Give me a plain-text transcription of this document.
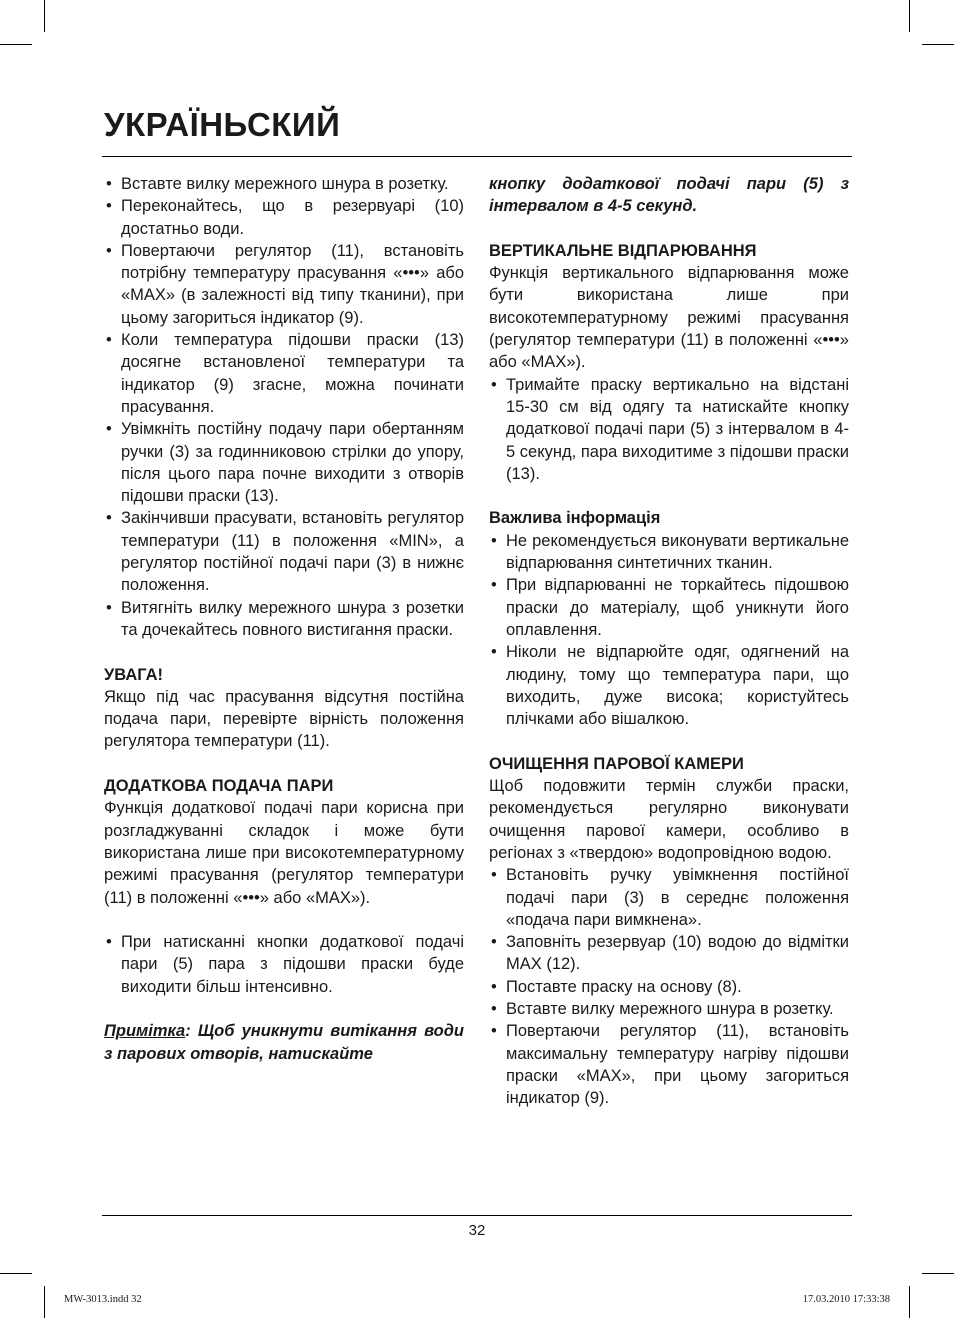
УКРАЇНЬСКИЙ
• Вставте вилку мережного шнура в розетку.
• Переконайтесь, що в резервуарі (10) достатньо води.
• Повертаючи регулятор (11), встановіть потрібну температуру прасування «•••» або «MAX» (в залежності від типу тканини), при цьому загориться індикатор (9).
• Коли температура підошви праски (13) досягне встановленої температури та індикатор (9) згасне, можна починати прасування.
• Увімкніть постійну подачу пари обертанням ручки (3) за годинниковою стрілки до упору, після цього пара почне виходити з отворів підошви праски (13).
• Закінчивши прасувати, встановіть регулятор температури (11) в положення «MIN», а регулятор постійної подачі пари (3) в нижнє положення.
• Витягніть вилку мережного шнура з розетки та дочекайтесь повного вистигання праски.
УВАГА!

Якщо під час прасування відсутня постійна подача пари, перевірте вірність положення регулятора температури (11).

ДОДАТКОВА ПОДАЧА ПАРИ

Функція додаткової подачі пари корисна при розгладжуванні складок і може бути використана лише при високотемпературному режимі прасування (регулятор температури (11) в положенні «•••» або «MAX»).

• При натисканні кнопки додаткової подачі пари (5) пара з підошви праски буде виходити більш інтенсивно.

Примітка: Щоб уникнути витікання води з парових отворів, натискайте

кнопку додаткової подачі пари (5) з інтервалом в 4-5 секунд.

ВЕРТИКАЛЬНЕ ВІДПАРЮВАННЯ

Функція вертикального відпарювання може бути використана лише при високотемпературному режимі прасування (регулятор температури (11) в положенні «•••» або «MAX»).

• Тримайте праску вертикально на відстані 15-30 см від одягу та натискайте кнопку додаткової подачі пари (5) з інтервалом в 4-5 секунд, пара виходитиме з підошви праски (13).
Важлива інформація
• Не рекомендується виконувати вертикальне відпарювання синтетичних тканин.
• При відпарюванні не торкайтесь підошвою праски до матеріалу, щоб уникнути його оплавлення.
• Ніколи не відпарюйте одяг, одягнений на людину, тому що температура пари, що виходить, дуже висока; користуйтесь плічками або вішалкою.
ОЧИЩЕННЯ ПАРОВОЇ КАМЕРИ

Щоб подовжити термін служби праски, рекомендується регулярно виконувати очищення парової камери, особливо в регіонах з «твердою» водопровідною водою.

• Встановіть ручку увімкнення постійної подачі пари (3) в середнє положення «подача пари вимкнена».
• Заповніть резервуар (10) водою до відмітки MAX (12).
• Поставте праску на основу (8).
• Вставте вилку мережного шнура в розетку.
• Повертаючи регулятор (11), встановіть максимальну температуру нагріву підошви праски «MAX», при цьому загориться індикатор (9).
32
MW-3013.indd 32	17.03.2010 17:33:38
